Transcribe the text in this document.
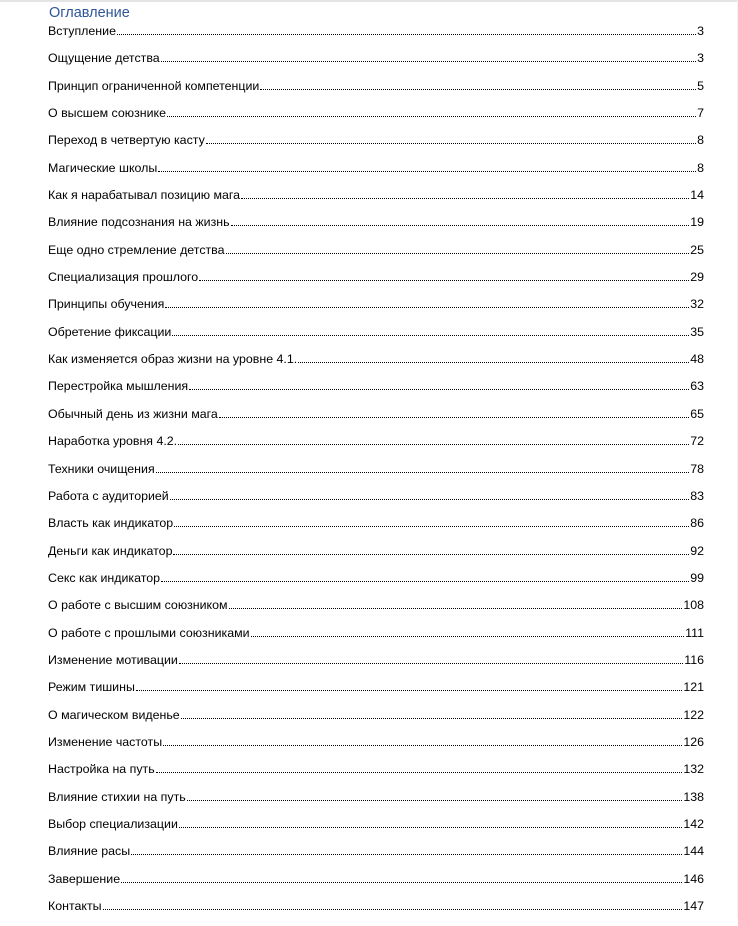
Оглавление
Вступление	3
Ощущение детства	3
Принцип ограниченной компетенции	5
О высшем союзнике	7
Переход в четвертую касту	8
Магические школы	8
Как я нарабатывал позицию мага	14
Влияние подсознания на жизнь	19
Еще одно стремление детства	25
Специализация прошлого	29
Принципы обучения	32
Обретение фиксации	35
Как изменяется образ жизни на уровне 4.1.	48
Перестройка мышления	63
Обычный день из жизни мага	65
Наработка уровня 4.2.	72
Техники очищения	78
Работа с аудиторией	83
Власть как индикатор	86
Деньги как индикатор	92
Секс как индикатор	99
О работе с высшим союзником	108
О работе с прошлыми союзниками	111
Изменение мотивации	116
Режим тишины	121
О магическом виденье	122
Изменение частоты	126
Настройка на путь	132
Влияние стихии на путь	138
Выбор специализации	142
Влияние расы	144
Завершение	146
Контакты	147
